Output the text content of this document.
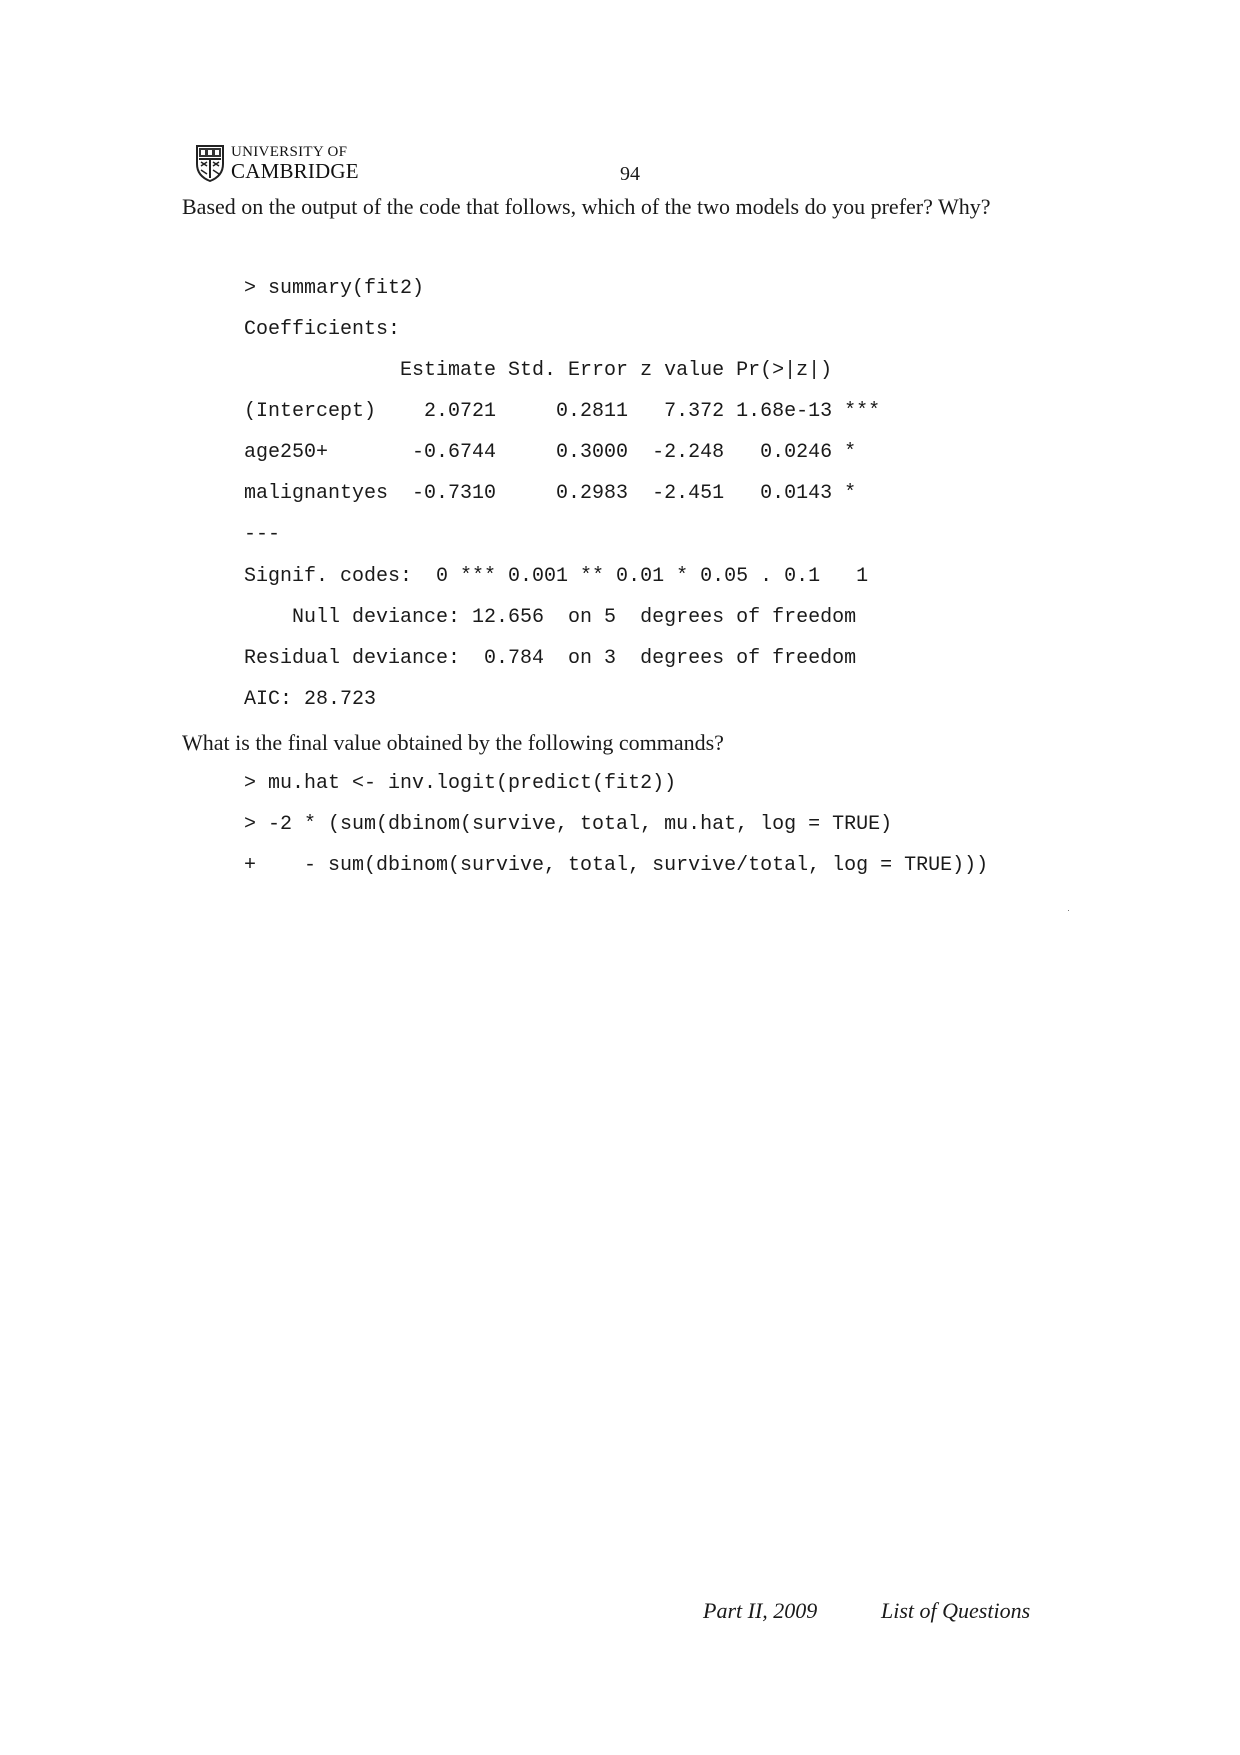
UNIVERSITY OF
CAMBRIDGE	94

Based on the output of the code that follows, which of the two models do you prefer? Why?

> summary(fit2)
Coefficients:
Estimate Std. Error z value Pr(>|z|)
(Intercept)    2.0721     0.2811   7.372 1.68e-13 ***
age250+       -0.6744     0.3000  -2.248   0.0246 *
malignantyes  -0.7310     0.2983  -2.451   0.0143 *
---
Signif. codes:  0 *** 0.001 ** 0.01 * 0.05 . 0.1   1
Null deviance: 12.656  on 5  degrees of freedom
Residual deviance:  0.784  on 3  degrees of freedom
AIC: 28.723

What is the final value obtained by the following commands?

> mu.hat <- inv.logit(predict(fit2))
> -2 * (sum(dbinom(survive, total, mu.hat, log = TRUE)
+    - sum(dbinom(survive, total, survive/total, log = TRUE)))
Part II, 2009	List of Questions
